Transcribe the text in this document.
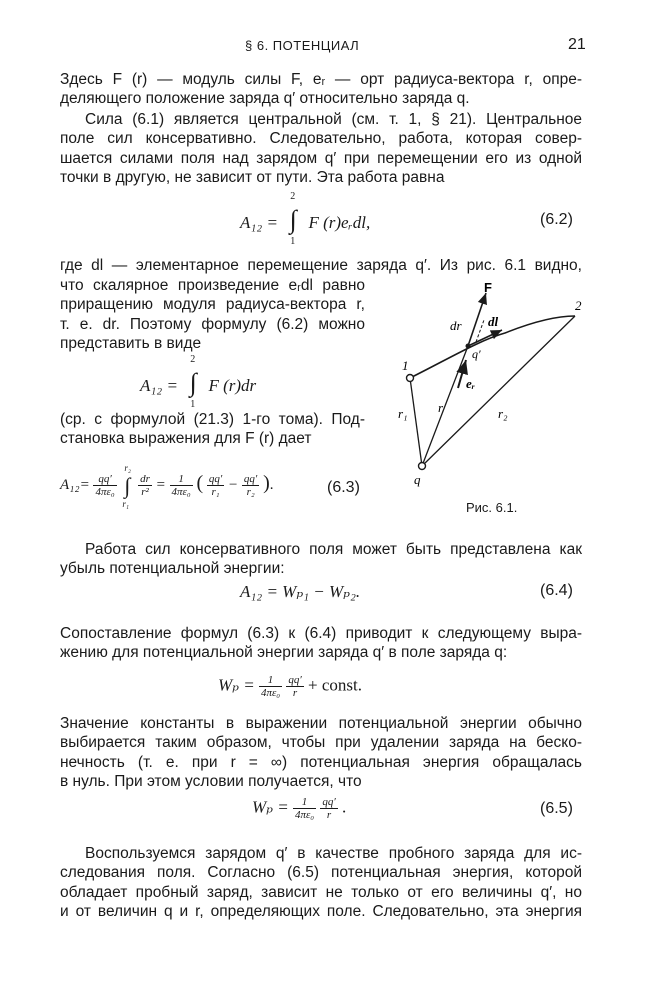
§ 6. ПОТЕНЦИАЛ	21
Здесь F (r) — модуль силы F, eᵣ — орт радиуса-вектора r, опре-
деляющего положение заряда q′ относительно заряда q.
Сила (6.1) является центральной (см. т. 1, § 21). Центральное
поле сил консервативно. Следовательно, работа, которая совер-
шается силами поля над зарядом q′ при перемещении его из одной
точки в другую, не зависит от пути. Эта работа равна
A₁₂ =
2
∫
1
F (r)eᵣdl,	(6.2)
где dl — элементарное перемещение заряда q′. Из рис. 6.1 видно,
что скалярное произведение eᵣdl равно
приращению модуля радиуса-вектора r,
т. е. dr. Поэтому формулу (6.2) можно
представить в виде
A₁₂ =
2
∫
1
F (r)dr
(ср. с формулой (21.3) 1-го тома). Под-
становка выражения для F (r) дает
$A_{12}= \frac{qq'}{\text{4πε₀}}$

r₂
∫
r₁

$\frac{dr}{\text{r²}} = \frac{1}{\text{4πε₀}}$ ( $\frac{qq'}{\text{r₁}} - \frac{qq'}{\text{r₂}}$ ).	(6.3)
F
dl
dr
q′
eᵣ
r
r₁	r₂
q
1
2
Рис. 6.1.
Работа сил консервативного поля может быть представлена как
убыль потенциальной энергии:
A₁₂ = Wₚ₁ − Wₚ₂.	(6.4)
Сопоставление формул (6.3) к (6.4) приводит к следующему выра-
жению для потенциальной энергии заряда q′ в поле заряда q:
$W_p = \frac{1}{\text{4πε₀}}$
$\frac{qq'}{r}$ + const.
Значение константы в выражении потенциальной энергии обычно
выбирается таким образом, чтобы при удалении заряда на беско-
нечность (т. е. при r = ∞) потенциальная энергия обращалась
в нуль. При этом условии получается, что
$W_p = \frac{1}{\text{4πε₀}}$
$\frac{qq'}{r}$ .	(6.5)
Воспользуемся зарядом q′ в качестве пробного заряда для ис-
следования поля. Согласно (6.5) потенциальная энергия, которой
обладает пробный заряд, зависит не только от его величины q′, но
и от величин q и r, определяющих поле. Следовательно, эта энергия
